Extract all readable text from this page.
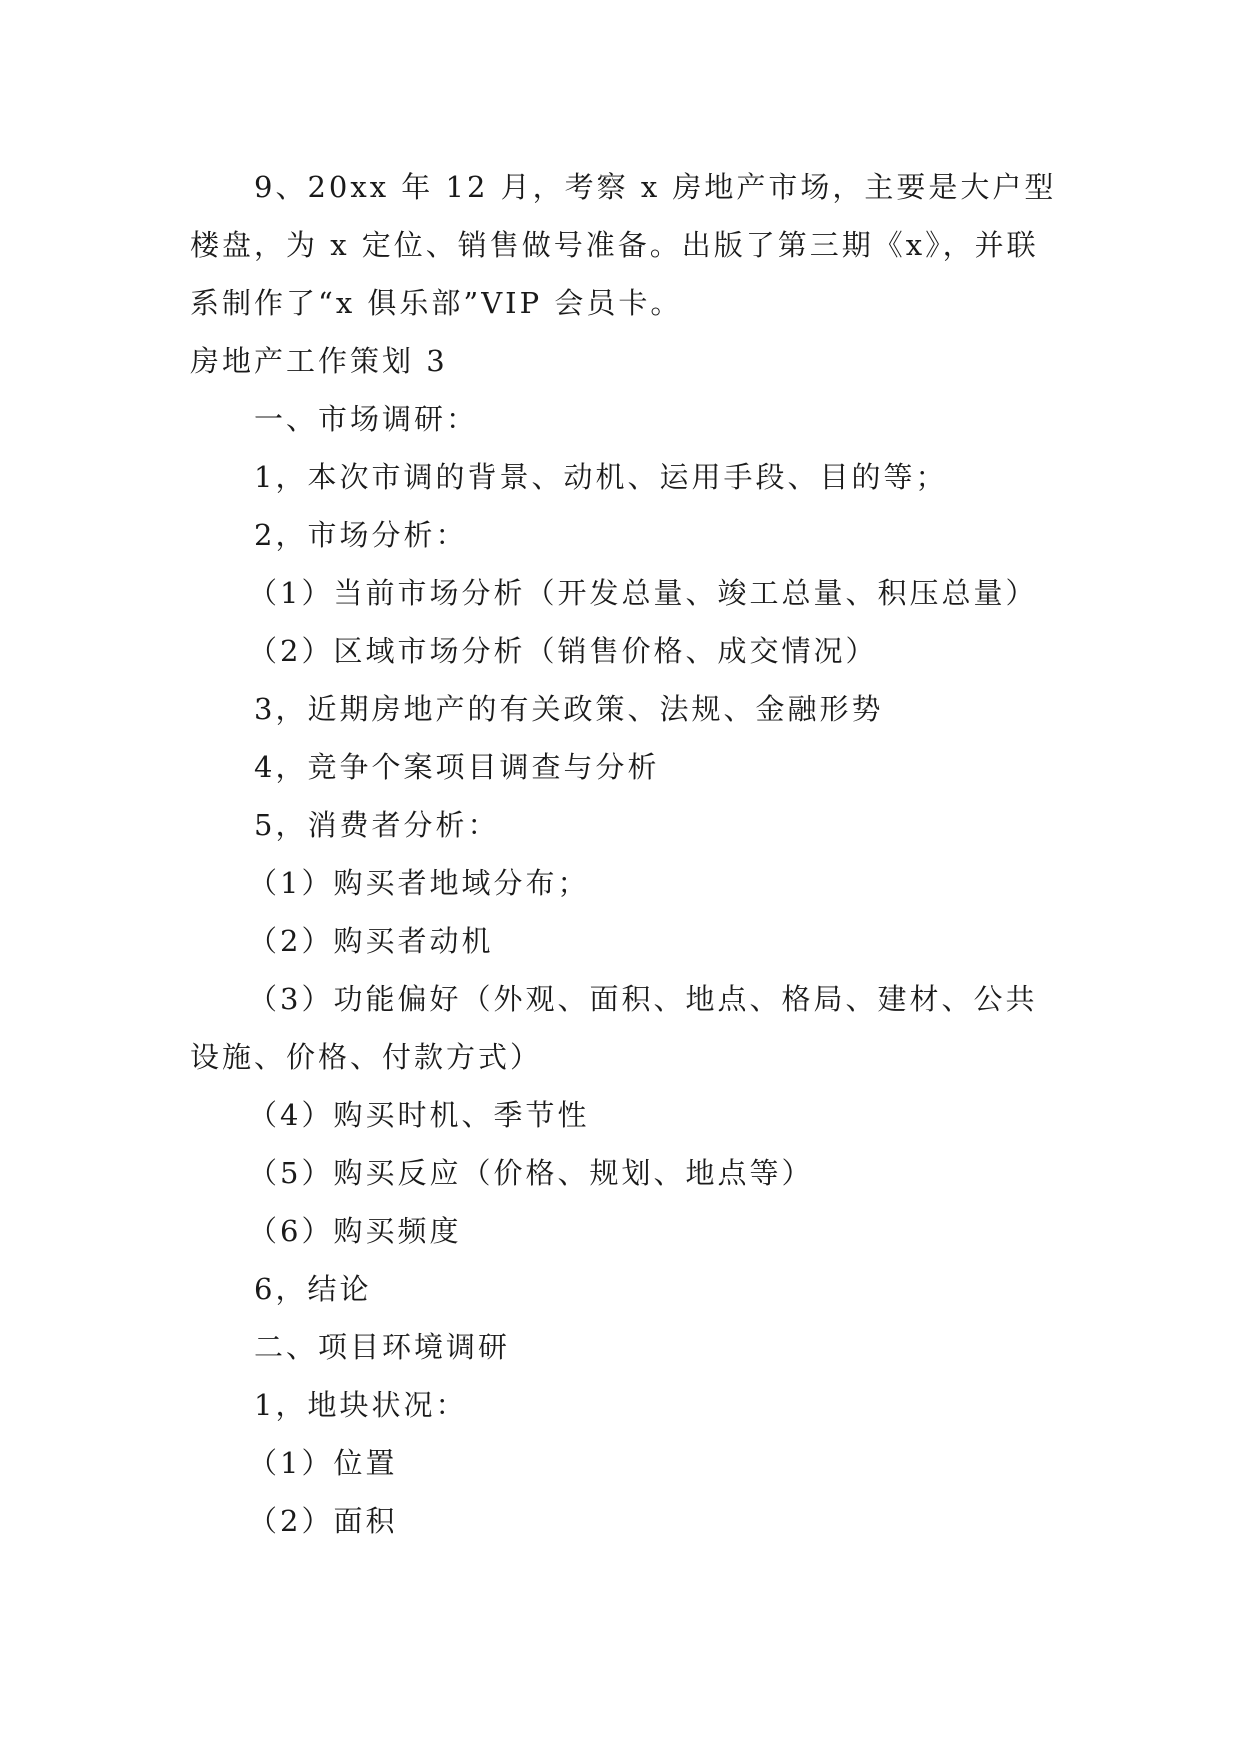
9、20xx 年 12 月，考察 x 房地产市场，主要是大户型楼盘，为 x 定位、销售做号准备。出版了第三期《x》，并联系制作了“x 俱乐部”VIP 会员卡。

房地产工作策划 3

一、市场调研：

1，本次市调的背景、动机、运用手段、目的等；

2，市场分析：

（1）当前市场分析（开发总量、竣工总量、积压总量）

（2）区域市场分析（销售价格、成交情况）

3，近期房地产的有关政策、法规、金融形势

4，竞争个案项目调查与分析

5，消费者分析：

（1）购买者地域分布；

（2）购买者动机

（3）功能偏好（外观、面积、地点、格局、建材、公共设施、价格、付款方式）

（4）购买时机、季节性

（5）购买反应（价格、规划、地点等）

（6）购买频度

6，结论

二、项目环境调研

1，地块状况：

（1）位置

（2）面积
